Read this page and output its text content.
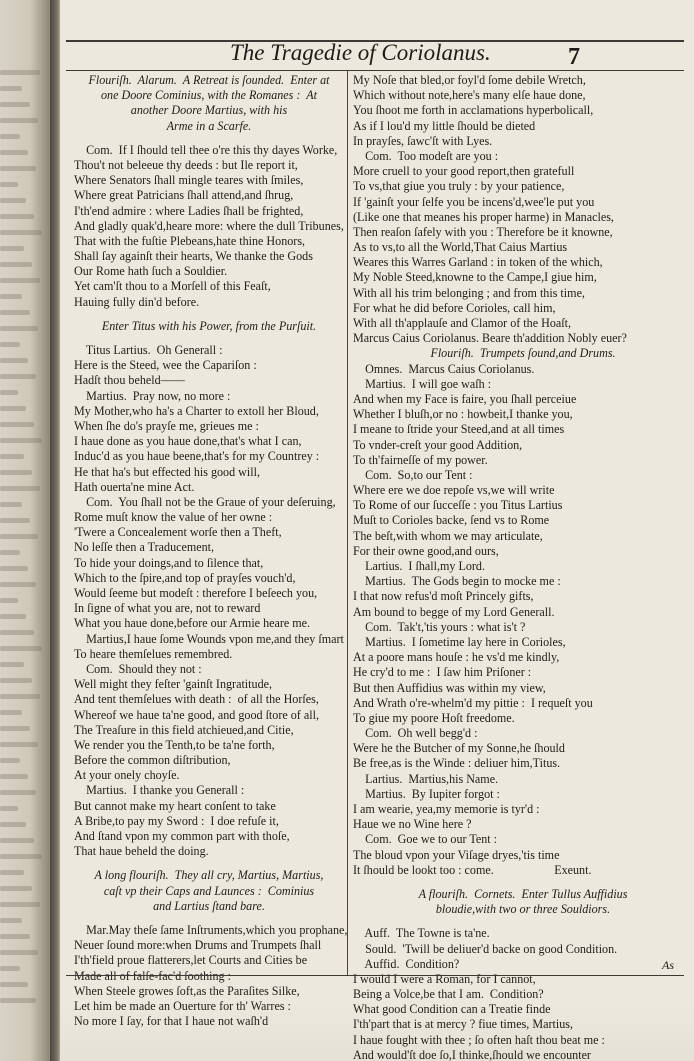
The Tragedie of Coriolanus.	7
Flouriſh.  Alarum.  A Retreat is ſounded.  Enter at
one Doore Cominius, with the Romanes :  At
another Doore Martius, with his
Arme in a Scarfe.
Com.  If I ſhould tell thee o're this thy dayes Worke,
Thou't not beleeue thy deeds : but Ile report it,
Where Senators ſhall mingle teares with ſmiles,
Where great Patricians ſhall attend,and ſhrug,
I'th'end admire : where Ladies ſhall be frighted,
And gladly quak'd,heare more: where the dull Tribunes,
That with the fuſtie Plebeans,hate thine Honors,
Shall ſay againſt their hearts, We thanke the Gods
Our Rome hath ſuch a Souldier.
Yet cam'ſt thou to a Morſell of this Feaſt,
Hauing fully din'd before.
Enter Titus with his Power, from the Purſuit.
Titus Lartius.  Oh Generall :
Here is the Steed, wee the Capariſon :
Hadſt thou beheld——
Martius.  Pray now, no more :
My Mother,who ha's a Charter to extoll her Bloud,
When ſhe do's prayſe me, grieues me :
I haue done as you haue done,that's what I can,
Induc'd as you haue beene,that's for my Countrey :
He that ha's but effected his good will,
Hath ouerta'ne mine Act.
Com.  You ſhall not be the Graue of your deſeruing,
Rome muſt know the value of her owne :
'Twere a Concealement worſe then a Theft,
No leſſe then a Traducement,
To hide your doings,and to ſilence that,
Which to the ſpire,and top of prayſes vouch'd,
Would ſeeme but modeſt : therefore I beſeech you,
In ſigne of what you are, not to reward
What you haue done,before our Armie heare me.
Martius,I haue ſome Wounds vpon me,and they ſmart
To heare themſelues remembred.
Com.  Should they not :
Well might they feſter 'gainſt Ingratitude,
And tent themſelues with death :  of all the Horſes,
Whereof we haue ta'ne good, and good ſtore of all,
The Treaſure in this field atchieued,and Citie,
We render you the Tenth,to be ta'ne forth,
Before the common diſtribution,
At your onely choyſe.
Martius.  I thanke you Generall :
But cannot make my heart conſent to take
A Bribe,to pay my Sword :  I doe refuſe it,
And ſtand vpon my common part with thoſe,
That haue beheld the doing.
A long flouriſh.  They all cry, Martius, Martius,
caſt vp their Caps and Launces :  Cominius
and Lartius ſtand bare.
Mar.May theſe ſame Inſtruments,which you prophane,
Neuer ſound more:when Drums and Trumpets ſhall
I'th'field proue flatterers,let Courts and Cities be
Made all of falſe-fac'd ſoothing :
When Steele growes ſoft,as the Paraſites Silke,
Let him be made an Ouerture for th' Warres :
No more I ſay, for that I haue not waſh'd
My Noſe that bled,or foyl'd ſome debile Wretch,
Which without note,here's many elſe haue done,
You ſhoot me forth in acclamations hyperbolicall,
As if I lou'd my little ſhould be dieted
In prayſes, ſawc'ſt with Lyes.
Com.  Too modeſt are you :
More cruell to your good report,then gratefull
To vs,that giue you truly : by your patience,
If 'gainſt your ſelfe you be incens'd,wee'le put you
(Like one that meanes his proper harme) in Manacles,
Then reaſon ſafely with you : Therefore be it knowne,
As to vs,to all the World,That Caius Martius
Weares this Warres Garland : in token of the which,
My Noble Steed,knowne to the Campe,I giue him,
With all his trim belonging ; and from this time,
For what he did before Corioles, call him,
With all th'applauſe and Clamor of the Hoaſt,
Marcus Caius Coriolanus. Beare th'addition Nobly euer?
Flouriſh.  Trumpets ſound,and Drums.
Omnes.  Marcus Caius Coriolanus.
Martius.  I will goe waſh :
And when my Face is faire, you ſhall perceiue
Whether I bluſh,or no : howbeit,I thanke you,
I meane to ſtride your Steed,and at all times
To vnder-creſt your good Addition,
To th'fairneſſe of my power.
Com.  So,to our Tent :
Where ere we doe repoſe vs,we will write
To Rome of our ſucceſſe : you Titus Lartius
Muſt to Corioles backe, ſend vs to Rome
The beſt,with whom we may articulate,
For their owne good,and ours,
Lartius.  I ſhall,my Lord.
Martius.  The Gods begin to mocke me :
I that now refus'd moſt Princely gifts,
Am bound to begge of my Lord Generall.
Com.  Tak't,'tis yours : what is't ?
Martius.  I ſometime lay here in Corioles,
At a poore mans houſe : he vs'd me kindly,
He cry'd to me :  I ſaw him Priſoner :
But then Auffidius was within my view,
And Wrath o're-whelm'd my pittie :  I requeſt you
To giue my poore Hoſt freedome.
Com.  Oh well begg'd :
Were he the Butcher of my Sonne,he ſhould
Be free,as is the Winde : deliuer him,Titus.
Lartius.  Martius,his Name.
Martius.  By Iupiter forgot :
I am wearie, yea,my memorie is tyr'd :
Haue we no Wine here ?
Com.  Goe we to our Tent :
The bloud vpon your Viſage dryes,'tis time
It ſhould be lookt too : come.                    Exeunt.
A flouriſh.  Cornets.  Enter Tullus Auffidius
bloudie,with two or three Souldiors.
Auff.  The Towne is ta'ne.
Sould.  'Twill be deliuer'd backe on good Condition.
Auffid.  Condition?
I would I were a Roman, for I cannot,
Being a Volce,be that I am.  Condition?
What good Condition can a Treatie finde
I'th'part that is at mercy ? fiue times, Martius,
I haue fought with thee ; ſo often haſt thou beat me :
And would'ſt doe ſo,I thinke,ſhould we encounter
As
